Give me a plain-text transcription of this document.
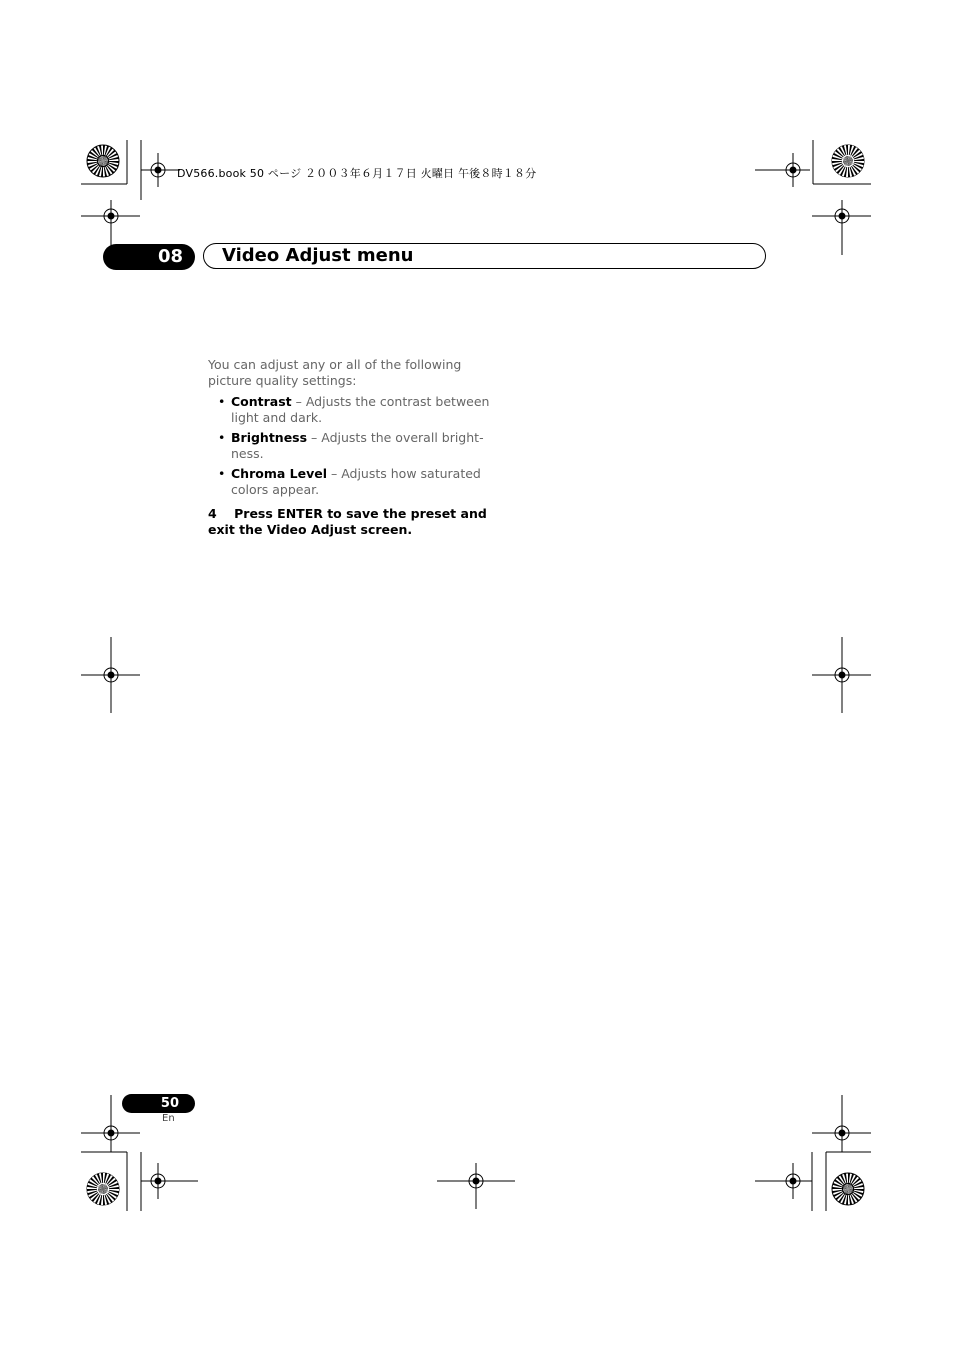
DV566.book 50 ページ ２００３年６月１７日 火曜日 午後８時１８分
08	Video Adjust menu

You can adjust any or all of the following picture quality settings:

• Contrast – Adjusts the contrast between light and dark.
• Brightness – Adjusts the overall bright-ness.
• Chroma Level – Adjusts how saturated colors appear.
4 Press ENTER to save the preset and exit the Video Adjust screen.
50
En
